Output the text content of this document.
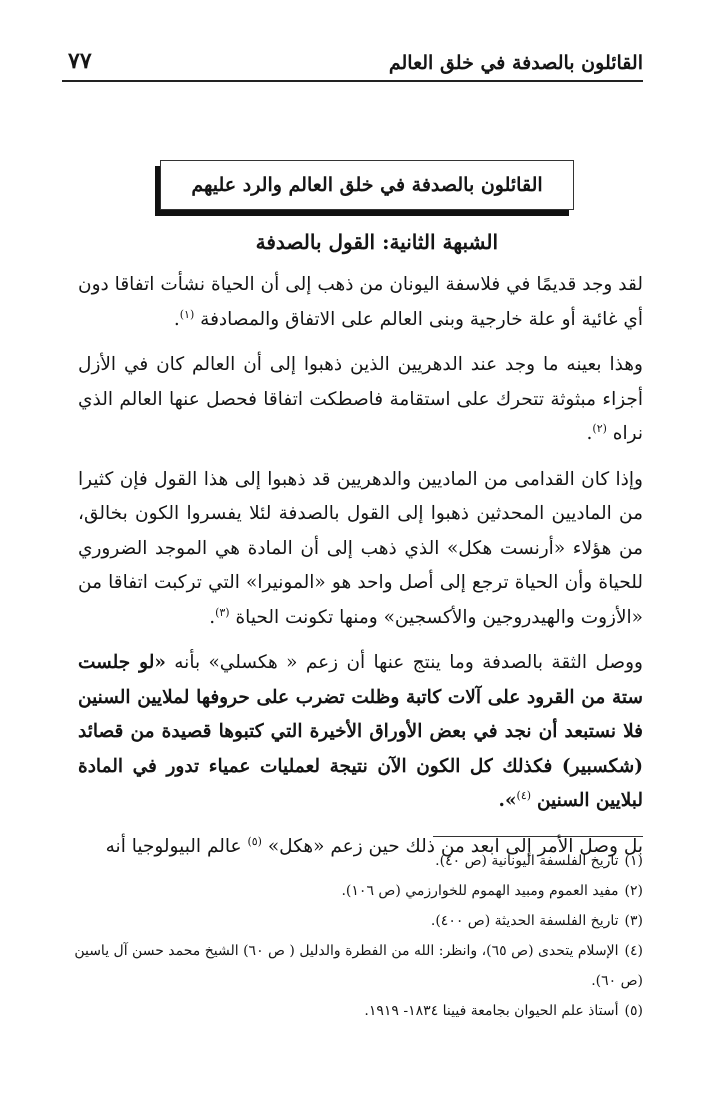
القائلون بالصدفة في خلق العالم
٧٧
القائلون بالصدفة في خلق العالم والرد عليهم
الشبهة الثانية: القول بالصدفة

لقد وجد قديمًا في فلاسفة اليونان من ذهب إلى أن الحياة نشأت اتفاقا دون أي غائية أو علة خارجية وبنى العالم على الاتفاق والمصادفة $^{(١)}$.

وهذا بعينه ما وجد عند الدهريين الذين ذهبوا إلى أن العالم كان في الأزل أجزاء مبثوثة تتحرك على استقامة فاصطكت اتفاقا فحصل عنها العالم الذي نراه $^{(٢)}$.

وإذا كان القدامى من الماديين والدهريين قد ذهبوا إلى هذا القول فإن كثيرا من الماديين المحدثين ذهبوا إلى القول بالصدفة لئلا يفسروا الكون بخالق، من هؤلاء «أرنست هكل» الذي ذهب إلى أن المادة هي الموجد الضروري للحياة وأن الحياة ترجع إلى أصل واحد هو «المونيرا» التي تركبت اتفاقا من «الأزوت والهيدروجين والأكسجين» ومنها تكونت الحياة $^{(٣)}$.

ووصل الثقة بالصدفة وما ينتج عنها أن زعم « هكسلي» بأنه «لو جلست ستة من القرود على آلات كاتبة وظلت تضرب على حروفها لملايين السنين فلا نستبعد أن نجد في بعض الأوراق الأخيرة التي كتبوها قصيدة من قصائد (شكسبير) فكذلك كل الكون الآن نتيجة لعمليات عمياء تدور في المادة لبلايين السنين $^{(٤)}$».

بل وصل الأمر إلى ابعد من ذلك حين زعم «هكل» $^{(٥)}$ عالم البيولوجيا أنه

(١)تاريخ الفلسفة اليونانية (ص ٤٠).

(٢)مفيد العموم ومبيد الهموم للخوارزمي (ص ١٠٦).

(٣)تاريخ الفلسفة الحديثة (ص ٤٠٠).

(٤)الإسلام يتحدى (ص ٦٥)، وانظر: الله من الفطرة والدليل ( ص ٦٠) الشيخ محمد حسن آل ياسين (ص ٦٠).

(٥)أستاذ علم الحيوان بجامعة فيينا ١٨٣٤- ١٩١٩.
